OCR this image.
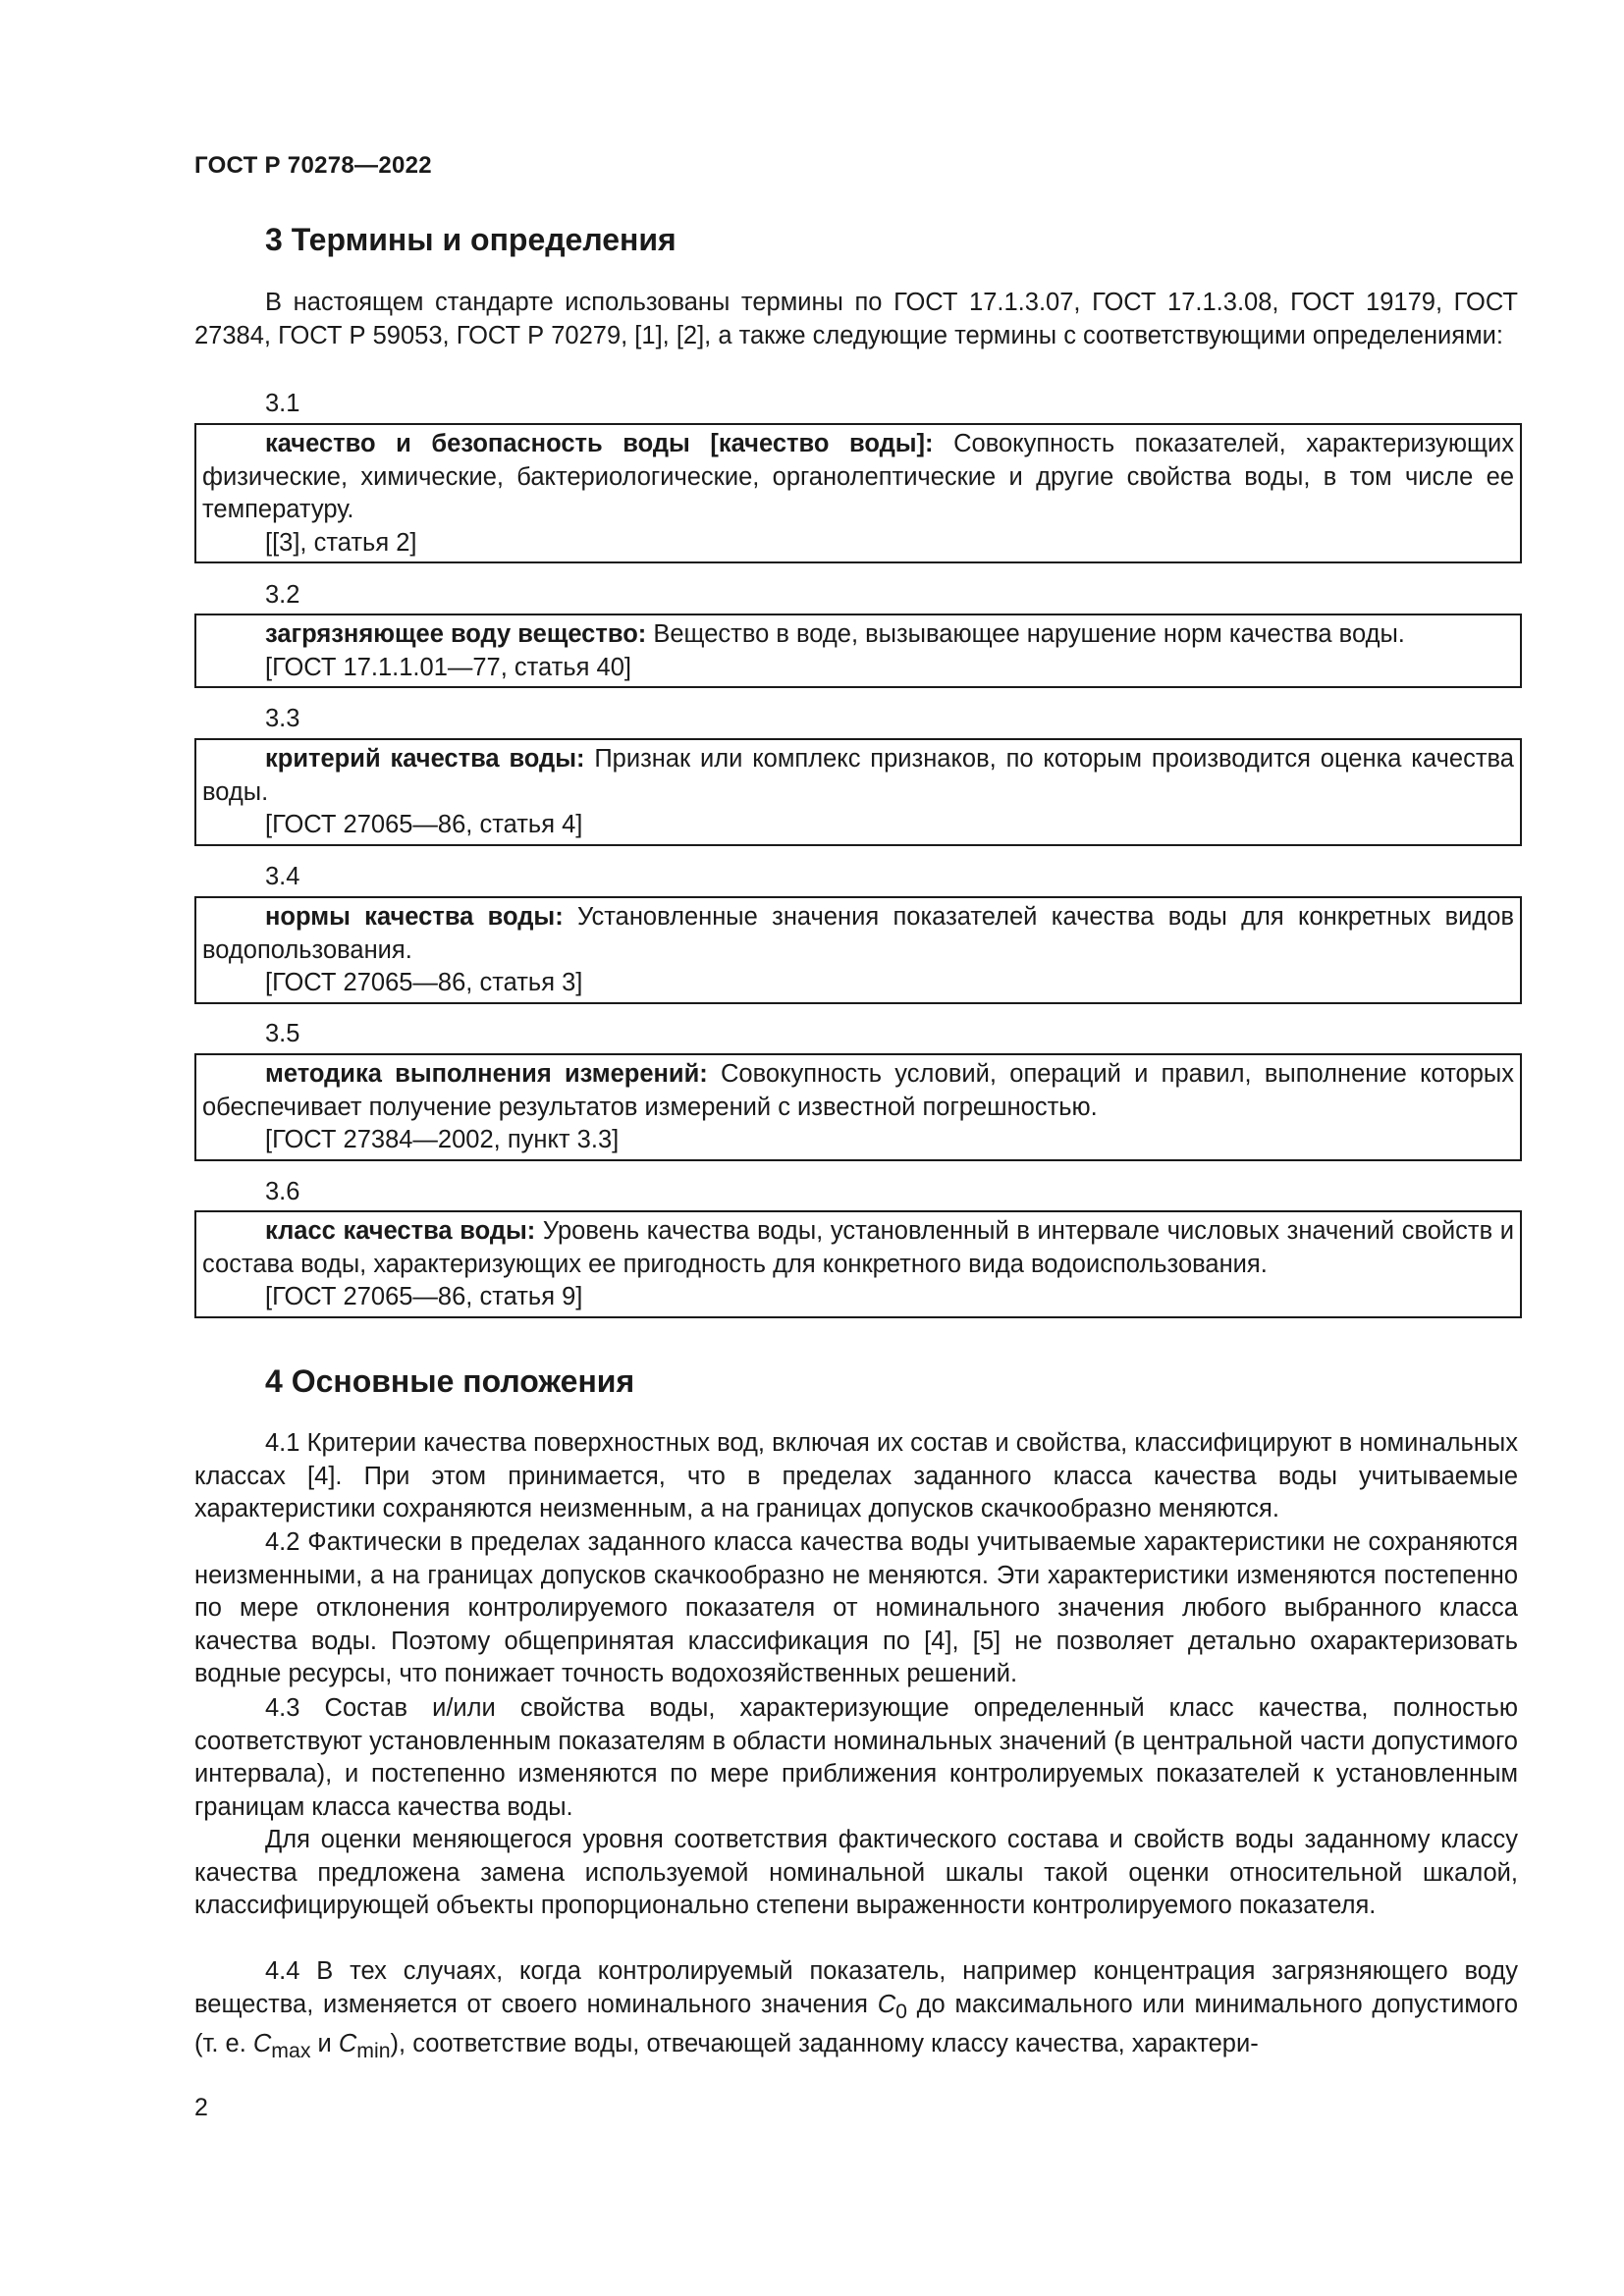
ГОСТ Р 70278—2022
3 Термины и определения

В настоящем стандарте использованы термины по ГОСТ 17.1.3.07, ГОСТ 17.1.3.08, ГОСТ 19179, ГОСТ 27384, ГОСТ Р 59053, ГОСТ Р 70279, [1], [2], а также следующие термины с соответствующими определениями:

3.1

качество и безопасность воды [качество воды]: Совокупность показателей, характеризующих физические, химические, бактериологические, органолептические и другие свойства воды, в том числе ее температуру.

[[3], статья 2]

3.2

загрязняющее воду вещество: Вещество в воде, вызывающее нарушение норм качества воды.

[ГОСТ 17.1.1.01—77, статья 40]

3.3

критерий качества воды: Признак или комплекс признаков, по которым производится оценка качества воды.

[ГОСТ 27065—86, статья 4]

3.4

нормы качества воды: Установленные значения показателей качества воды для конкретных видов водопользования.

[ГОСТ 27065—86, статья 3]

3.5

методика выполнения измерений: Совокупность условий, операций и правил, выполнение которых обеспечивает получение результатов измерений с известной погрешностью.

[ГОСТ 27384—2002, пункт 3.3]

3.6

класс качества воды: Уровень качества воды, установленный в интервале числовых значений свойств и состава воды, характеризующих ее пригодность для конкретного вида водоиспользования.

[ГОСТ 27065—86, статья 9]

4 Основные положения

4.1 Критерии качества поверхностных вод, включая их состав и свойства, классифицируют в номинальных классах [4]. При этом принимается, что в пределах заданного класса качества воды учитываемые характеристики сохраняются неизменным, а на границах допусков скачкообразно меняются.

4.2 Фактически в пределах заданного класса качества воды учитываемые характеристики не сохраняются неизменными, а на границах допусков скачкообразно не меняются. Эти характеристики изменяются постепенно по мере отклонения контролируемого показателя от номинального значения любого выбранного класса качества воды. Поэтому общепринятая классификация по [4], [5] не позволяет детально охарактеризовать водные ресурсы, что понижает точность водохозяйственных решений.

4.3 Состав и/или свойства воды, характеризующие определенный класс качества, полностью соответствуют установленным показателям в области номинальных значений (в центральной части допустимого интервала), и постепенно изменяются по мере приближения контролируемых показателей к установленным границам класса качества воды.

Для оценки меняющегося уровня соответствия фактического состава и свойств воды заданному классу качества предложена замена используемой номинальной шкалы такой оценки относительной шкалой, классифицирующей объекты пропорционально степени выраженности контролируемого показателя.

4.4 В тех случаях, когда контролируемый показатель, например концентрация загрязняющего воду вещества, изменяется от своего номинального значения $C_0$ до максимального или минимального допустимого (т. е. $C_{max}$ и $C_{min}$), соответствие воды, отвечающей заданному классу качества, характери-

2
